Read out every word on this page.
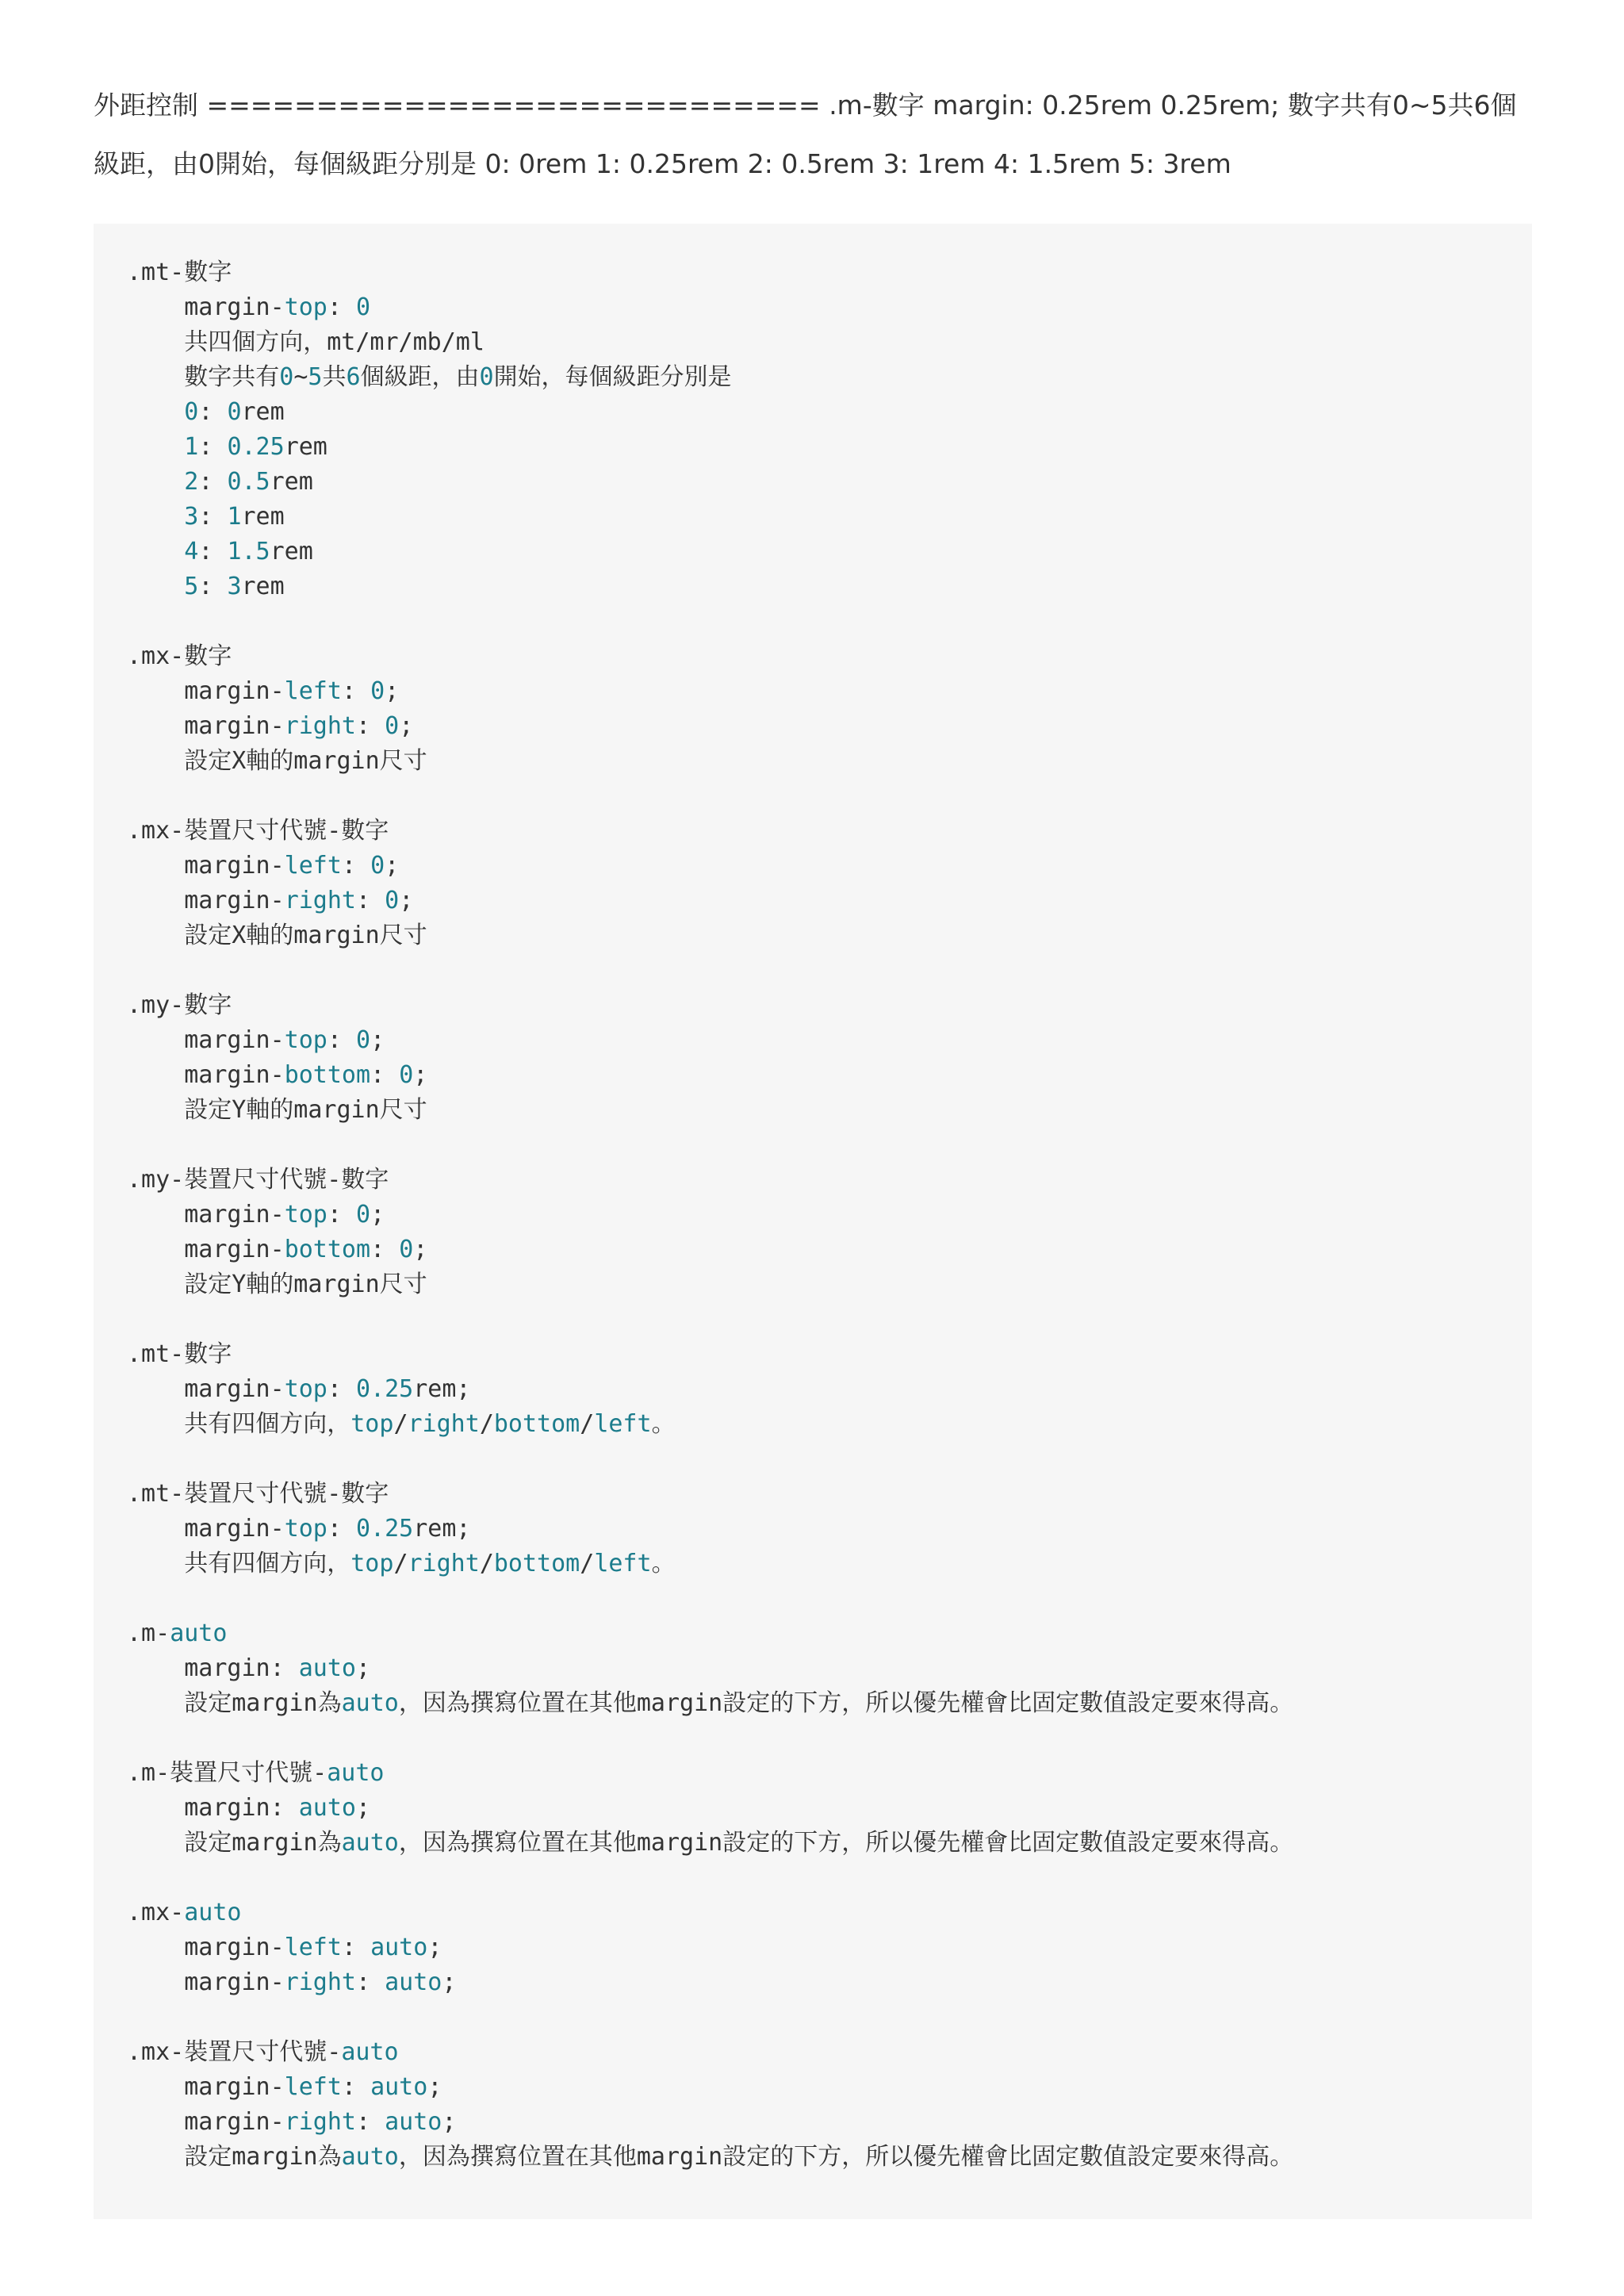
外距控制 ============================ .m-數字 margin: 0.25rem 0.25rem; 數字共有0~5共6個級距，由0開始，每個級距分別是 0: 0rem 1: 0.25rem 2: 0.5rem 3: 1rem 4: 1.5rem 5: 3rem

.mt-數字
margin-top: 0
共四個方向，mt/mr/mb/ml
數字共有0~5共6個級距，由0開始，每個級距分別是
0: 0rem
1: 0.25rem
2: 0.5rem
3: 1rem
4: 1.5rem
5: 3rem

.mx-數字
margin-left: 0;
margin-right: 0;
設定X軸的margin尺寸

.mx-裝置尺寸代號-數字
margin-left: 0;
margin-right: 0;
設定X軸的margin尺寸

.my-數字
margin-top: 0;
margin-bottom: 0;
設定Y軸的margin尺寸

.my-裝置尺寸代號-數字
margin-top: 0;
margin-bottom: 0;
設定Y軸的margin尺寸

.mt-數字
margin-top: 0.25rem;
共有四個方向，top/right/bottom/left。

.mt-裝置尺寸代號-數字
margin-top: 0.25rem;
共有四個方向，top/right/bottom/left。

.m-auto
margin: auto;
設定margin為auto，因為撰寫位置在其他margin設定的下方，所以優先權會比固定數值設定要來得高。

.m-裝置尺寸代號-auto
margin: auto;
設定margin為auto，因為撰寫位置在其他margin設定的下方，所以優先權會比固定數值設定要來得高。

.mx-auto
margin-left: auto;
margin-right: auto;

.mx-裝置尺寸代號-auto
margin-left: auto;
margin-right: auto;
設定margin為auto，因為撰寫位置在其他margin設定的下方，所以優先權會比固定數值設定要來得高。
